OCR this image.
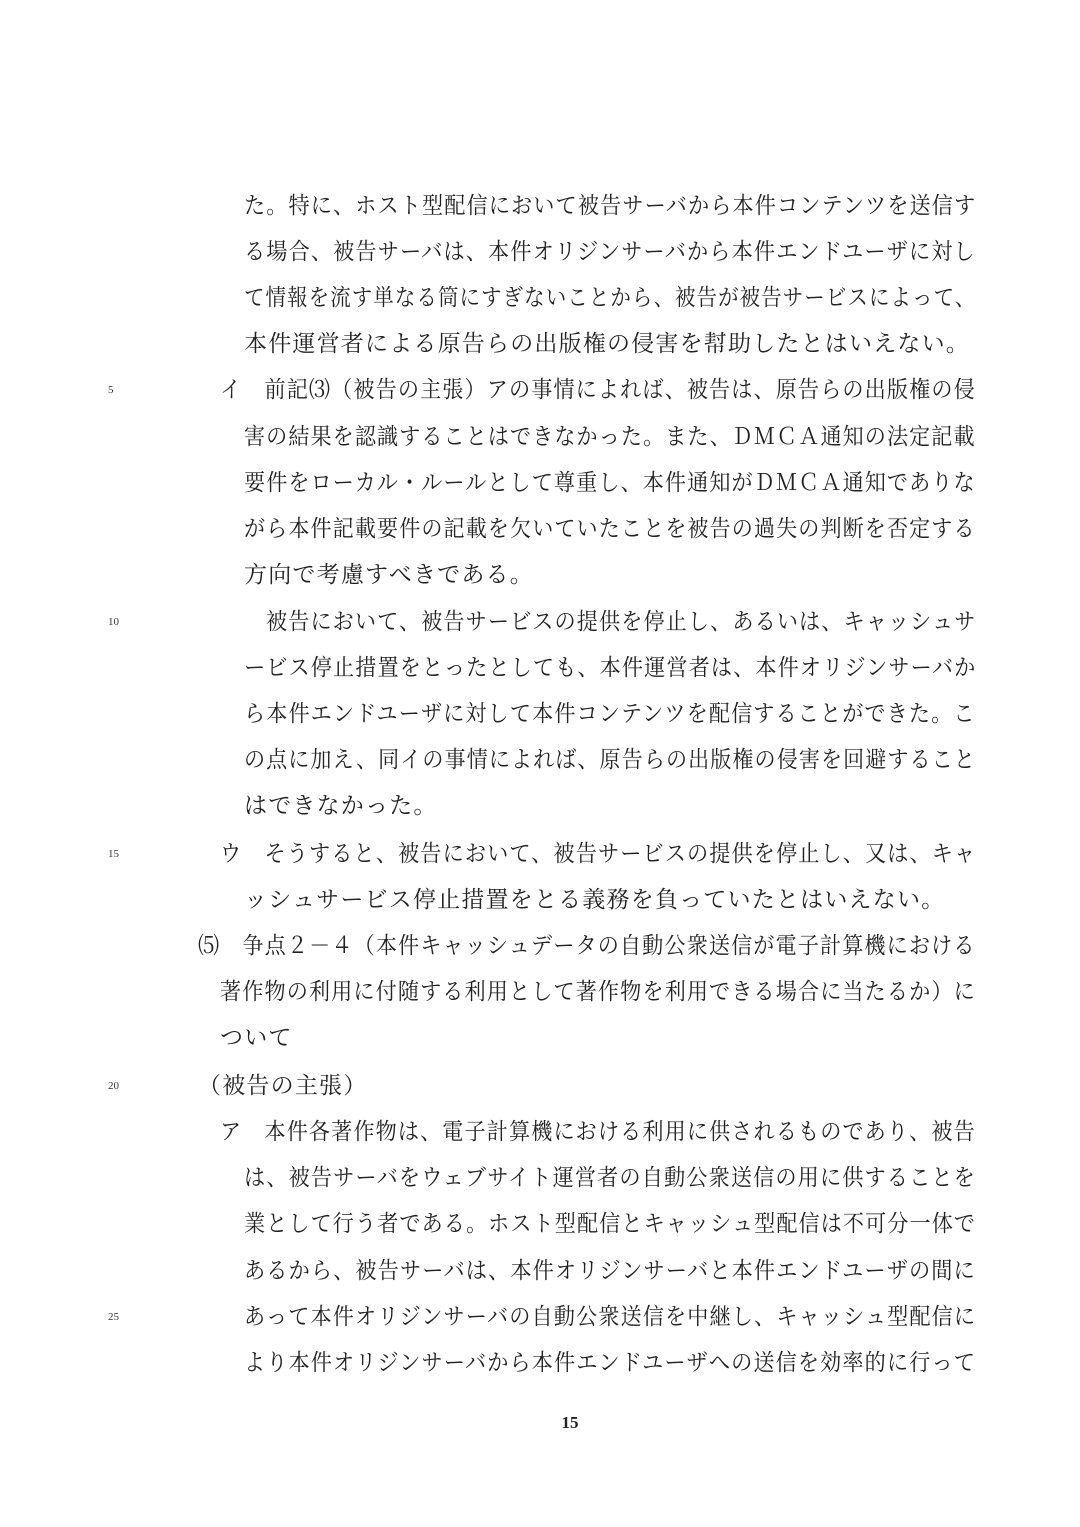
た。特に、ホスト型配信において被告サーバから本件コンテンツを送信す
る場合、被告サーバは、本件オリジンサーバから本件エンドユーザに対し
て情報を流す単なる筒にすぎないことから、被告が被告サービスによって、
本件運営者による原告らの出版権の侵害を幇助したとはいえない。
5	イ　前記⑶（被告の主張）アの事情によれば、被告は、原告らの出版権の侵
害の結果を認識することはできなかった。また、ＤＭＣＡ通知の法定記載
要件をローカル・ルールとして尊重し、本件通知がＤＭＣＡ通知でありな
がら本件記載要件の記載を欠いていたことを被告の過失の判断を否定する
方向で考慮すべきである。
10	被告において、被告サービスの提供を停止し、あるいは、キャッシュサ
ービス停止措置をとったとしても、本件運営者は、本件オリジンサーバか
ら本件エンドユーザに対して本件コンテンツを配信することができた。こ
の点に加え、同イの事情によれば、原告らの出版権の侵害を回避すること
はできなかった。
15	ウ　そうすると、被告において、被告サービスの提供を停止し、又は、キャ
ッシュサービス停止措置をとる義務を負っていたとはいえない。
⑸　争点２－４（本件キャッシュデータの自動公衆送信が電子計算機における
著作物の利用に付随する利用として著作物を利用できる場合に当たるか）に
ついて
20	（被告の主張）
ア　本件各著作物は、電子計算機における利用に供されるものであり、被告
は、被告サーバをウェブサイト運営者の自動公衆送信の用に供することを
業として行う者である。ホスト型配信とキャッシュ型配信は不可分一体で
あるから、被告サーバは、本件オリジンサーバと本件エンドユーザの間に
25	あって本件オリジンサーバの自動公衆送信を中継し、キャッシュ型配信に
より本件オリジンサーバから本件エンドユーザへの送信を効率的に行って
15
